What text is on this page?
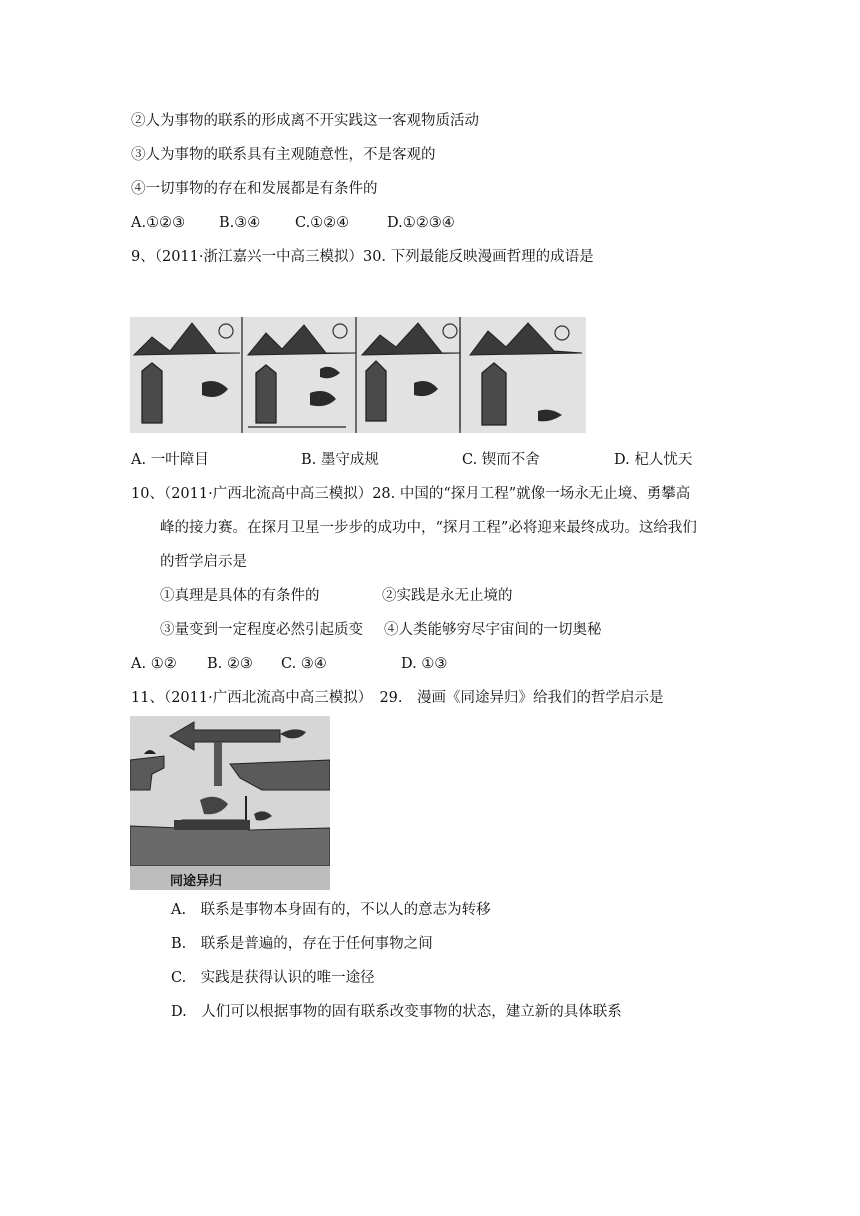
②人为事物的联系的形成离不开实践这一客观物质活动
③人为事物的联系具有主观随意性，不是客观的
④一切事物的存在和发展都是有条件的
A.①②③ B.③④ C.①②④	D.①②③④
9、（2011·浙江嘉兴一中高三模拟）30. 下列最能反映漫画哲理的成语是
A. 一叶障目	B. 墨守成规	C. 锲而不舍	D. 杞人忧天
10、（2011·广西北流高中高三模拟）28. 中国的“探月工程”就像一场永无止境、勇攀高
峰的接力赛。在探月卫星一步步的成功中，“探月工程”必将迎来最终成功。这给我们
的哲学启示是
①真理是具体的有条件的	②实践是永无止境的
③量变到一定程度必然引起质变 ④人类能够穷尽宇宙间的一切奥秘
A. ①② B. ②③ C. ③④	D. ①③
11、（2011·广西北流高中高三模拟）　29.　漫画《同途异归》给我们的哲学启示是
同途异归
A.　联系是事物本身固有的，不以人的意志为转移
B.　联系是普遍的，存在于任何事物之间
C.　实践是获得认识的唯一途径
D.　人们可以根据事物的固有联系改变事物的状态，建立新的具体联系
